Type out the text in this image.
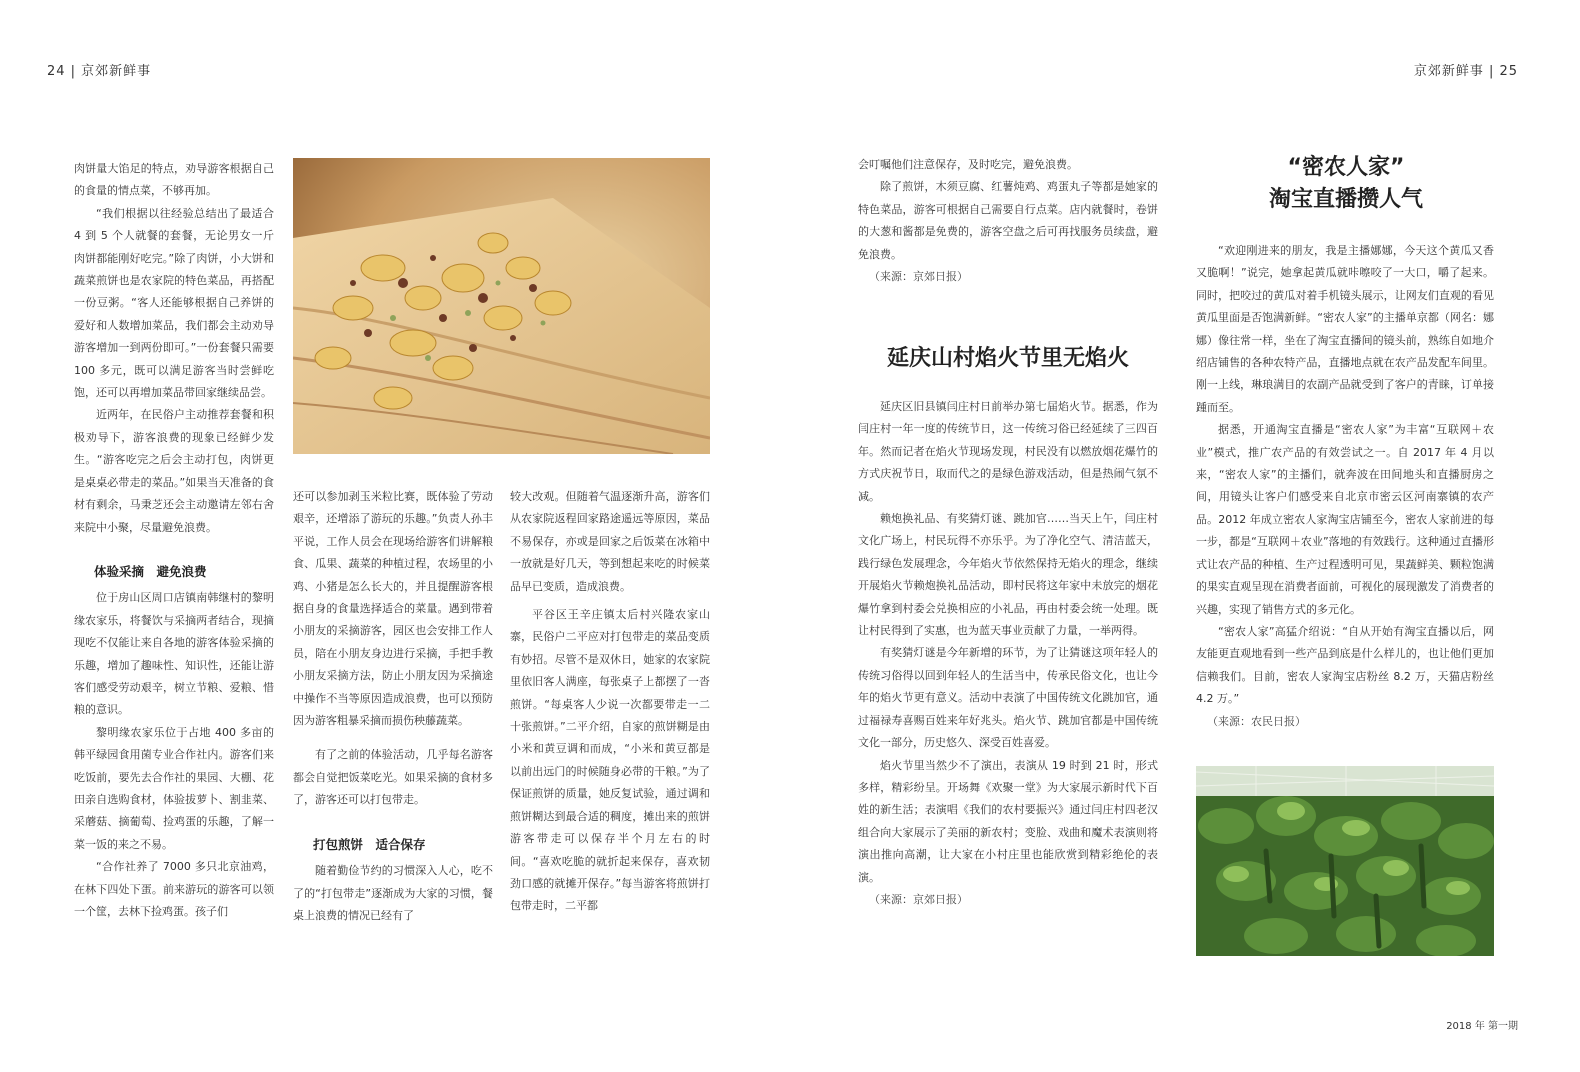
24 | 京郊新鲜事	京郊新鲜事 | 25

肉饼量大馅足的特点，劝导游客根据自己的食量的情点菜，不够再加。

“我们根据以往经验总结出了最适合 4 到 5 个人就餐的套餐，无论男女一斤肉饼都能刚好吃完。”除了肉饼，小大饼和蔬菜煎饼也是农家院的特色菜品，再搭配一份豆粥。“客人还能够根据自己养饼的爱好和人数增加菜品，我们都会主动劝导游客增加一到两份即可。”一份套餐只需要 100 多元，既可以满足游客当时尝鲜吃饱，还可以再增加菜品带回家继续品尝。

近两年，在民俗户主动推荐套餐和积极劝导下，游客浪费的现象已经鲜少发生。“游客吃完之后会主动打包，肉饼更是桌桌必带走的菜品。”如果当天准备的食材有剩余，马秉芝还会主动邀请左邻右舍来院中小聚，尽量避免浪费。

体验采摘　避免浪费

位于房山区周口店镇南韩继村的黎明缘农家乐，将餐饮与采摘两者结合，现摘现吃不仅能让来自各地的游客体验采摘的乐趣，增加了趣味性、知识性，还能让游客们感受劳动艰辛，树立节粮、爱粮、惜粮的意识。

黎明缘农家乐位于占地 400 多亩的韩平绿园食用菌专业合作社内。游客们来吃饭前，要先去合作社的果园、大棚、花田亲自选购食材，体验拔萝卜、割韭菜、采蘑菇、摘葡萄、捡鸡蛋的乐趣，了解一菜一饭的来之不易。

“合作社养了 7000 多只北京油鸡，在林下四处下蛋。前来游玩的游客可以领一个筐，去林下捡鸡蛋。孩子们

还可以参加剥玉米粒比赛，既体验了劳动艰辛，还增添了游玩的乐趣。”负责人孙丰平说，工作人员会在现场给游客们讲解粮食、瓜果、蔬菜的种植过程，农场里的小鸡、小猪是怎么长大的，并且提醒游客根据自身的食量选择适合的菜量。遇到带着小朋友的采摘游客，园区也会安排工作人员，陪在小朋友身边进行采摘，手把手教小朋友采摘方法，防止小朋友因为采摘途中操作不当等原因造成浪费，也可以预防因为游客粗暴采摘而损伤秧藤蔬菜。

有了之前的体验活动，几乎每名游客都会自觉把饭菜吃光。如果采摘的食材多了，游客还可以打包带走。

打包煎饼　适合保存

随着勤俭节约的习惯深入人心，吃不了的“打包带走”逐渐成为大家的习惯，餐桌上浪费的情况已经有了

较大改观。但随着气温逐渐升高，游客们从农家院返程回家路途遥远等原因，菜品不易保存，亦或是回家之后饭菜在冰箱中一放就是好几天，等到想起来吃的时候菜品早已变质，造成浪费。

平谷区王辛庄镇太后村兴隆农家山寨，民俗户二平应对打包带走的菜品变质有妙招。尽管不是双休日，她家的农家院里依旧客人满座，每张桌子上都摆了一沓煎饼。“每桌客人少说一次都要带走一二十张煎饼。”二平介绍，自家的煎饼糊是由小米和黄豆调和而成，“小米和黄豆都是以前出远门的时候随身必带的干粮。”为了保证煎饼的质量，她反复试验，通过调和煎饼糊达到最合适的稠度，摊出来的煎饼游客带走可以保存半个月左右的时间。“喜欢吃脆的就折起来保存，喜欢韧劲口感的就摊开保存。”每当游客将煎饼打包带走时，二平都

会叮嘱他们注意保存，及时吃完，避免浪费。

除了煎饼，木须豆腐、红薯炖鸡、鸡蛋丸子等都是她家的特色菜品，游客可根据自己需要自行点菜。店内就餐时，卷饼的大葱和酱都是免费的，游客空盘之后可再找服务员续盘，避免浪费。

（来源：京郊日报）

延庆山村焰火节里无焰火

延庆区旧县镇闫庄村日前举办第七届焰火节。据悉，作为闫庄村一年一度的传统节日，这一传统习俗已经延续了三四百年。然而记者在焰火节现场发现，村民没有以燃放烟花爆竹的方式庆祝节日，取而代之的是绿色游戏活动，但是热闹气氛不减。

赖炮换礼品、有奖猜灯谜、跳加官……当天上午，闫庄村文化广场上，村民玩得不亦乐乎。为了净化空气、清洁蓝天，践行绿色发展理念，今年焰火节依然保持无焰火的理念，继续开展焰火节赖炮换礼品活动，即村民将这年家中未放完的烟花爆竹拿到村委会兑换相应的小礼品，再由村委会统一处理。既让村民得到了实惠，也为蓝天事业贡献了力量，一举两得。

有奖猜灯谜是今年新增的环节，为了让猜谜这项年轻人的传统习俗得以回到年轻人的生活当中，传承民俗文化，也让今年的焰火节更有意义。活动中表演了中国传统文化跳加官，通过福禄寿喜赐百姓来年好兆头。焰火节、跳加官都是中国传统文化一部分，历史悠久、深受百姓喜爱。

焰火节里当然少不了演出，表演从 19 时到 21 时，形式多样，精彩纷呈。开场舞《欢聚一堂》为大家展示新时代下百姓的新生活；表演唱《我们的农村要振兴》通过闫庄村四老汉组合向大家展示了美丽的新农村；变脸、戏曲和魔术表演则将演出推向高潮，让大家在小村庄里也能欣赏到精彩绝伦的表演。

（来源：京郊日报）

“密农人家”
淘宝直播攒人气

“欢迎刚进来的朋友，我是主播娜娜，今天这个黄瓜又香又脆啊！”说完，她拿起黄瓜就咔嚓咬了一大口，嚼了起来。同时，把咬过的黄瓜对着手机镜头展示，让网友们直观的看见黄瓜里面是否饱满新鲜。“密农人家”的主播单京都（网名：娜娜）像往常一样，坐在了淘宝直播间的镜头前，熟练自如地介绍店铺售的各种农特产品，直播地点就在农产品发配车间里。刚一上线，琳琅满目的农副产品就受到了客户的青睐，订单接踵而至。

据悉，开通淘宝直播是“密农人家”为丰富“互联网＋农业”模式，推广农产品的有效尝试之一。自 2017 年 4 月以来，“密农人家”的主播们，就奔波在田间地头和直播厨房之间，用镜头让客户们感受来自北京市密云区河南寨镇的农产品。2012 年成立密农人家淘宝店铺至今，密农人家前进的每一步，都是“互联网＋农业”落地的有效践行。这种通过直播形式让农产品的种植、生产过程透明可见，果蔬鲜美、颗粒饱满的果实直观呈现在消费者面前，可视化的展现激发了消费者的兴趣，实现了销售方式的多元化。

“密农人家”高猛介绍说：“自从开始有淘宝直播以后，网友能更直观地看到一些产品到底是什么样儿的，也让他们更加信赖我们。目前，密农人家淘宝店粉丝 8.2 万，天猫店粉丝 4.2 万。”

（来源：农民日报）

2018 年 第一期
